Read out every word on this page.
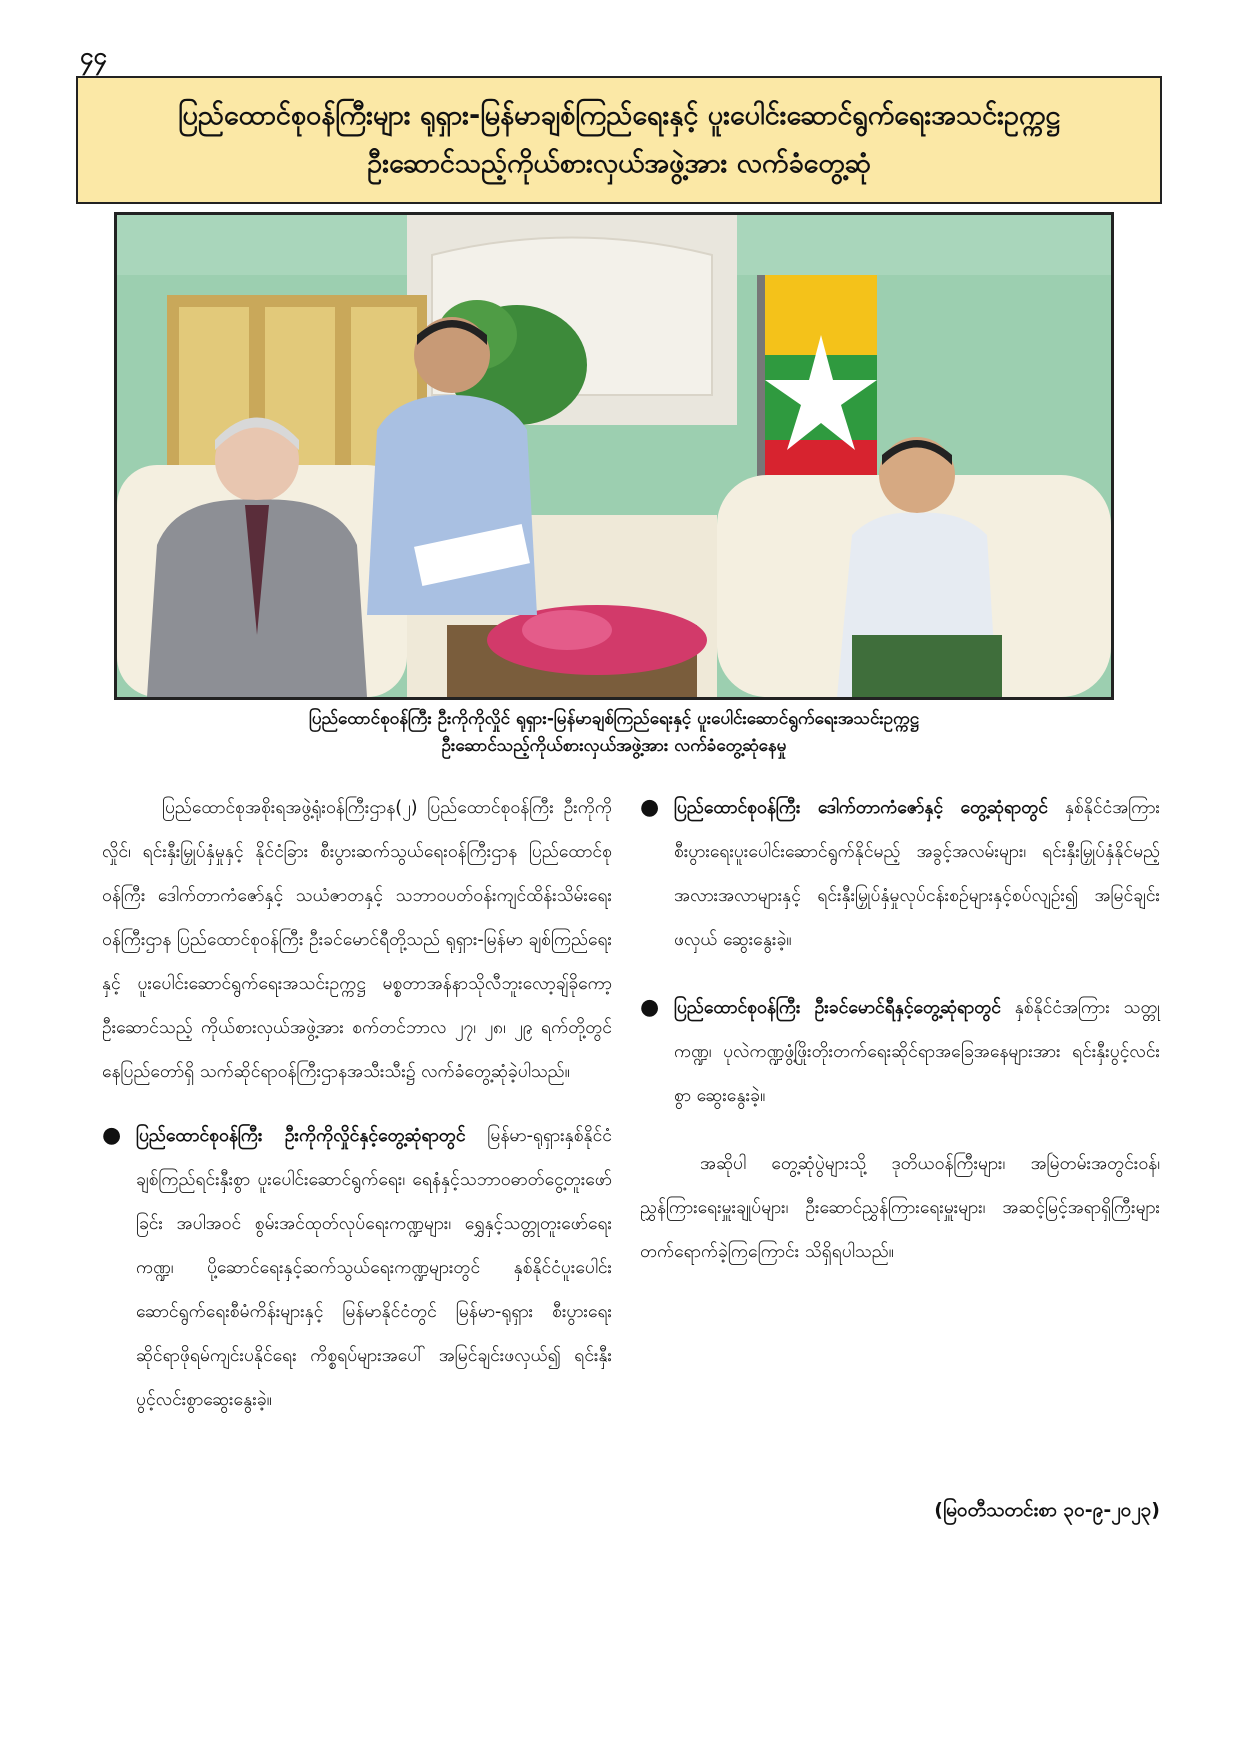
၄၄
ပြည်ထောင်စုဝန်ကြီးများ ရုရှား-မြန်မာချစ်ကြည်ရေးနှင့် ပူးပေါင်းဆောင်ရွက်ရေးအသင်းဥက္ကဋ္ဌ
ဦးဆောင်သည့်ကိုယ်စားလှယ်အဖွဲ့အား လက်ခံတွေ့ဆုံ
ပြည်ထောင်စုဝန်ကြီး ဦးကိုကိုလှိုင် ရုရှား-မြန်မာချစ်ကြည်ရေးနှင့် ပူးပေါင်းဆောင်ရွက်ရေးအသင်းဥက္ကဋ္ဌ
ဦးဆောင်သည့်ကိုယ်စားလှယ်အဖွဲ့အား လက်ခံတွေ့ဆုံနေမှု

ပြည်ထောင်စုအစိုးရအဖွဲ့ရုံးဝန်ကြီးဌာန(၂) ပြည်ထောင်စုဝန်ကြီး ဦးကိုကိုလှိုင်၊ ရင်းနှီးမြှုပ်နှံမှုနှင့် နိုင်ငံခြား စီးပွားဆက်သွယ်ရေးဝန်ကြီးဌာန ပြည်ထောင်စုဝန်ကြီး ဒေါက်တာကံဇော်နှင့် သယံဇာတနှင့် သဘာဝပတ်ဝန်းကျင်ထိန်းသိမ်းရေးဝန်ကြီးဌာန ပြည်ထောင်စုဝန်ကြီး ဦးခင်မောင်ရီတို့သည် ရုရှား-မြန်မာ ချစ်ကြည်ရေးနှင့် ပူးပေါင်းဆောင်ရွက်ရေးအသင်းဥက္ကဋ္ဌ မစ္စတာအန်နာသိုလီဘူးလော့ချ်ခိုကော့ ဦးဆောင်သည့် ကိုယ်စားလှယ်အဖွဲ့အား စက်တင်ဘာလ ၂၇၊ ၂၈၊ ၂၉ ရက်တို့တွင် နေပြည်တော်ရှိ သက်ဆိုင်ရာဝန်ကြီးဌာနအသီးသီး၌ လက်ခံတွေ့ဆုံခဲ့ပါသည်။

● ပြည်ထောင်စုဝန်ကြီး ဦးကိုကိုလှိုင်နှင့်တွေ့ဆုံရာတွင် မြန်မာ-ရုရှားနှစ်နိုင်ငံ ချစ်ကြည်ရင်းနှီးစွာ ပူးပေါင်းဆောင်ရွက်ရေး၊ ရေနံနှင့်သဘာဝဓာတ်ငွေ့တူးဖော်ခြင်း အပါအဝင် စွမ်းအင်ထုတ်လုပ်ရေးကဏ္ဍများ၊ ရွှေနှင့်သတ္တုတူးဖော်ရေးကဏ္ဍ၊ ပို့ဆောင်ရေးနှင့်ဆက်သွယ်ရေးကဏ္ဍများတွင် နှစ်နိုင်ငံပူးပေါင်းဆောင်ရွက်ရေးစီမံကိန်းများနှင့် မြန်မာနိုင်ငံတွင် မြန်မာ-ရုရှား စီးပွားရေးဆိုင်ရာဖိုရမ်ကျင်းပနိုင်ရေး ကိစ္စရပ်များအပေါ် အမြင်ချင်းဖလှယ်၍ ရင်းနှီးပွင့်လင်းစွာဆွေးနွေးခဲ့။
● ပြည်ထောင်စုဝန်ကြီး ဒေါက်တာကံဇော်နှင့် တွေ့ဆုံရာတွင် နှစ်နိုင်ငံအကြား စီးပွားရေးပူးပေါင်းဆောင်ရွက်နိုင်မည့် အခွင့်အလမ်းများ၊ ရင်းနှီးမြှုပ်နှံနိုင်မည့်အလားအလာများနှင့် ရင်းနှီးမြှုပ်နှံမှုလုပ်ငန်းစဉ်များနှင့်စပ်လျဉ်း၍ အမြင်ချင်းဖလှယ် ဆွေးနွေးခဲ့။
● ပြည်ထောင်စုဝန်ကြီး ဦးခင်မောင်ရီနှင့်တွေ့ဆုံရာတွင် နှစ်နိုင်ငံအကြား သတ္တုကဏ္ဍ၊ ပုလဲကဏ္ဍဖွံ့ဖြိုးတိုးတက်ရေးဆိုင်ရာအခြေအနေများအား ရင်းနှီးပွင့်လင်းစွာ ဆွေးနွေးခဲ့။

အဆိုပါ တွေ့ဆုံပွဲများသို့ ဒုတိယဝန်ကြီးများ၊ အမြဲတမ်းအတွင်းဝန်၊ ညွှန်ကြားရေးမှူးချုပ်များ၊ ဦးဆောင်ညွှန်ကြားရေးမှူးများ၊ အဆင့်မြင့်အရာရှိကြီးများ တက်ရောက်ခဲ့ကြကြောင်း သိရှိရပါသည်။

(မြဝတီသတင်းစာ ၃၀-၉-၂၀၂၃)
